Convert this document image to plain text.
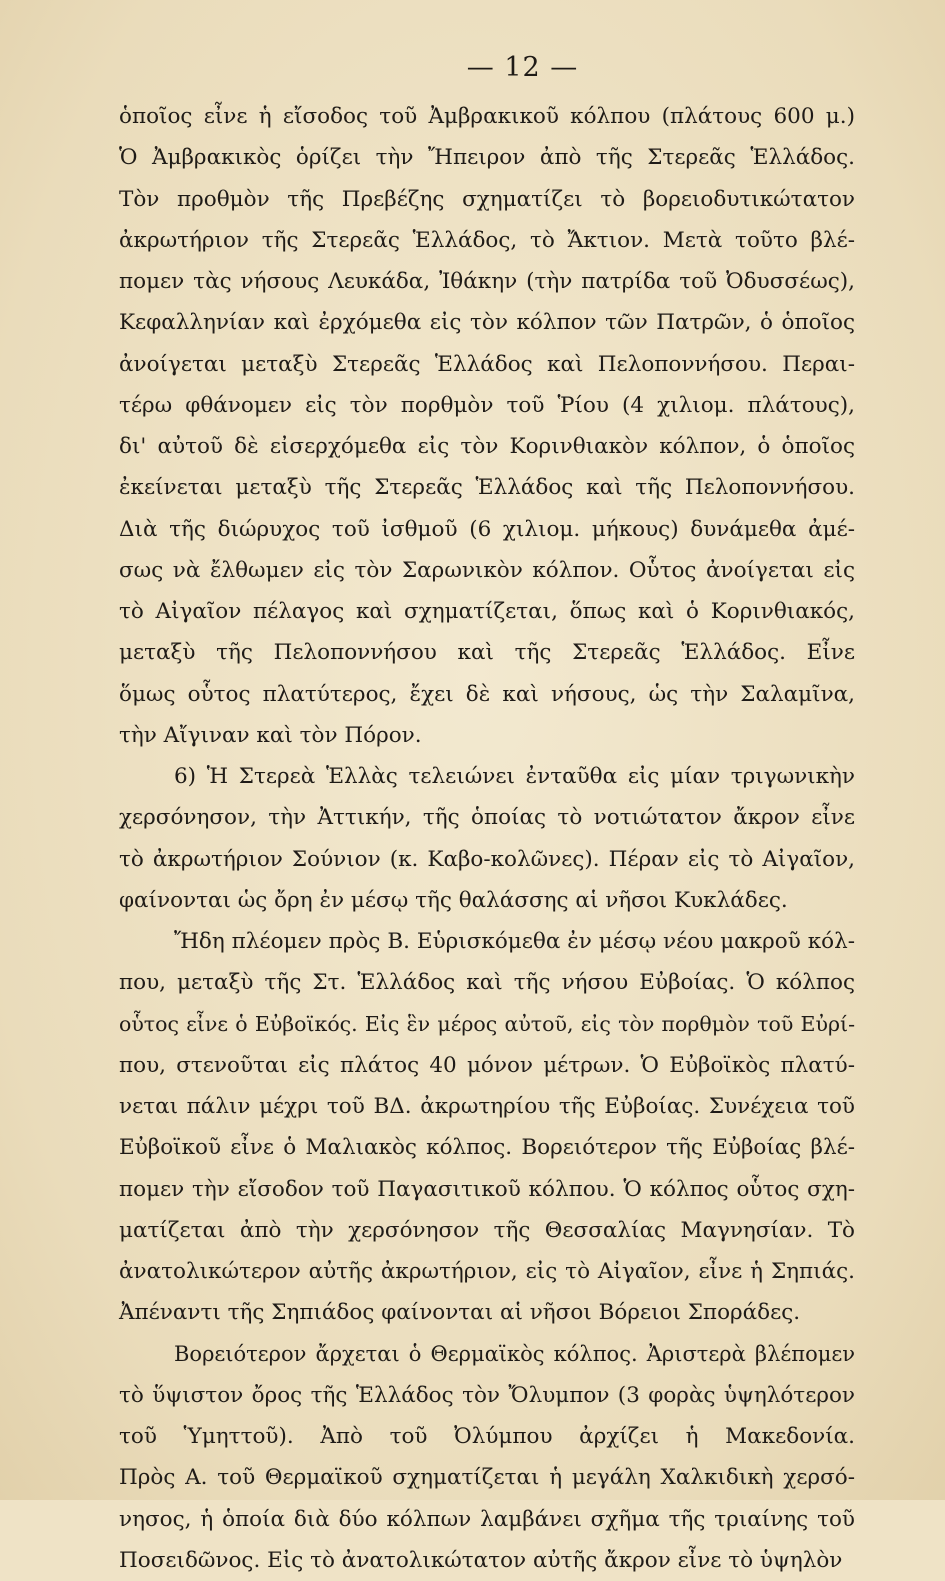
— 12 —
ὁποῖος εἶνε ἡ εἴσοδος τοῦ Ἀμβρακικοῦ κόλπου (πλάτους 600 μ.)
Ὁ Ἀμβρακικὸς ὁρίζει τὴν Ἤπειρον ἀπὸ τῆς Στερεᾶς Ἑλλάδος.
Τὸν προθμὸν τῆς Πρεβέζης σχηματίζει τὸ βορειοδυτικώτατον
ἀκρωτήριον τῆς Στερεᾶς Ἑλλάδος, τὸ Ἄκτιον. Μετὰ τοῦτο βλέ-
πομεν τὰς νήσους Λευκάδα, Ἰθάκην (τὴν πατρίδα τοῦ Ὀδυσσέως),
Κεφαλληνίαν καὶ ἐρχόμεθα εἰς τὸν κόλπον τῶν Πατρῶν, ὁ ὁποῖος
ἀνοίγεται μεταξὺ Στερεᾶς Ἑλλάδος καὶ Πελοποννήσου. Περαι-
τέρω φθάνομεν εἰς τὸν πορθμὸν τοῦ Ῥίου (4 χιλιομ. πλάτους),
δι' αὐτοῦ δὲ εἰσερχόμεθα εἰς τὸν Κορινθιακὸν κόλπον, ὁ ὁποῖος
ἐκείνεται μεταξὺ τῆς Στερεᾶς Ἑλλάδος καὶ τῆς Πελοποννήσου.
Διὰ τῆς διώρυχος τοῦ ἰσθμοῦ (6 χιλιομ. μήκους) δυνάμεθα ἀμέ-
σως νὰ ἔλθωμεν εἰς τὸν Σαρωνικὸν κόλπον. Οὗτος ἀνοίγεται εἰς
τὸ Αἰγαῖον πέλαγος καὶ σχηματίζεται, ὅπως καὶ ὁ Κορινθιακός,
μεταξὺ τῆς Πελοποννήσου καὶ τῆς Στερεᾶς Ἑλλάδος. Εἶνε
ὅμως οὗτος πλατύτερος, ἔχει δὲ καὶ νήσους, ὡς τὴν Σαλαμῖνα,
τὴν Αἴγιναν καὶ τὸν Πόρον.
6) Ἡ Στερεὰ Ἑλλὰς τελειώνει ἐνταῦθα εἰς μίαν τριγωνικὴν
χερσόνησον, τὴν Ἀττικήν, τῆς ὁποίας τὸ νοτιώτατον ἄκρον εἶνε
τὸ ἀκρωτήριον Σούνιον (κ. Καβο-κολῶνες). Πέραν εἰς τὸ Αἰγαῖον,
φαίνονται ὡς ὄρη ἐν μέσῳ τῆς θαλάσσης αἱ νῆσοι Κυκλάδες.
Ἤδη πλέομεν πρὸς Β. Εὑρισκόμεθα ἐν μέσῳ νέου μακροῦ κόλ-
που, μεταξὺ τῆς Στ. Ἑλλάδος καὶ τῆς νήσου Εὐβοίας. Ὁ κόλπος
οὗτος εἶνε ὁ Εὐβοϊκός. Εἰς ἓν μέρος αὐτοῦ, εἰς τὸν πορθμὸν τοῦ Εὐρί-
που, στενοῦται εἰς πλάτος 40 μόνον μέτρων. Ὁ Εὐβοϊκὸς πλατύ-
νεται πάλιν μέχρι τοῦ ΒΔ. ἀκρωτηρίου τῆς Εὐβοίας. Συνέχεια τοῦ
Εὐβοϊκοῦ εἶνε ὁ Μαλιακὸς κόλπος. Βορειότερον τῆς Εὐβοίας βλέ-
πομεν τὴν εἴσοδον τοῦ Παγασιτικοῦ κόλπου. Ὁ κόλπος οὗτος σχη-
ματίζεται ἀπὸ τὴν χερσόνησον τῆς Θεσσαλίας Μαγνησίαν. Τὸ
ἀνατολικώτερον αὐτῆς ἀκρωτήριον, εἰς τὸ Αἰγαῖον, εἶνε ἡ Σηπιάς.
Ἀπέναντι τῆς Σηπιάδος φαίνονται αἱ νῆσοι Βόρειοι Σποράδες.
Βορειότερον ἄρχεται ὁ Θερμαϊκὸς κόλπος. Ἀριστερὰ βλέπομεν
τὸ ὕψιστον ὄρος τῆς Ἑλλάδος τὸν Ὄλυμπον (3 φορὰς ὑψηλότερον
τοῦ Ὑμηττοῦ). Ἀπὸ τοῦ Ὀλύμπου ἀρχίζει ἡ Μακεδονία.
Πρὸς Α. τοῦ Θερμαϊκοῦ σχηματίζεται ἡ μεγάλη Χαλκιδικὴ χερσό-
νησος, ἡ ὁποία διὰ δύο κόλπων λαμβάνει σχῆμα τῆς τριαίνης τοῦ
Ποσειδῶνος. Εἰς τὸ ἀνατολικώτατον αὐτῆς ἄκρον εἶνε τὸ ὑψηλὸν
